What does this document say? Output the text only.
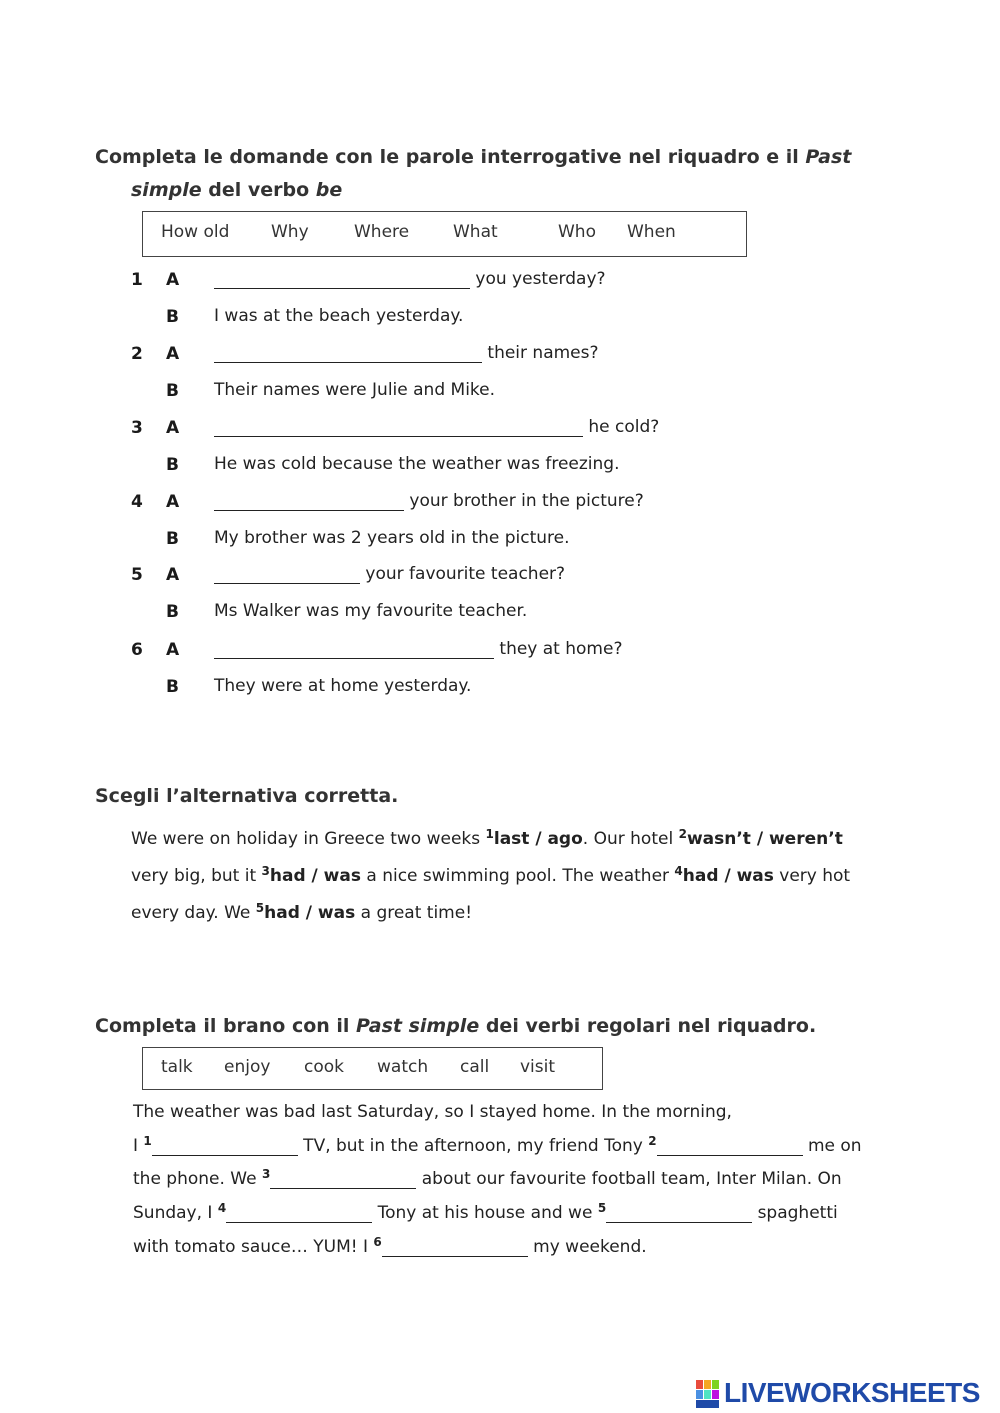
Completa le domande con le parole interrogative nel riquadro e il Past
simple del verbo be
How old Why	Where	What	Who When
1 A	you yesterday?
B I was at the beach yesterday.
2 A	their names?
B Their names were Julie and Mike.
3 A	he cold?
B He was cold because the weather was freezing.
4 A	your brother in the picture?
B My brother was 2 years old in the picture.
5 A	your favourite teacher?
B Ms Walker was my favourite teacher.
6 A	they at home?
B They were at home yesterday.
Scegli l’alternativa corretta.
We were on holiday in Greece two weeks $^1$last / ago. Our hotel $^2$wasn’t / weren’t
very big, but it $^3$had / was a nice swimming pool. The weather $^4$had / was very hot
every day. We $^5$had / was a great time!
Completa il brano con il Past simple dei verbi regolari nel riquadro.
talk enjoy cook watch call visit
The weather was bad last Saturday, so I stayed home. In the morning,
I $^1$	TV, but in the afternoon, my friend Tony $^2$	me on
the phone. We $^3$	about our favourite football team, Inter Milan. On
Sunday, I $^4$	Tony at his house and we $^5$	spaghetti
with tomato sauce… YUM! I $^6$	my weekend.
LIVEWORKSHEETS
